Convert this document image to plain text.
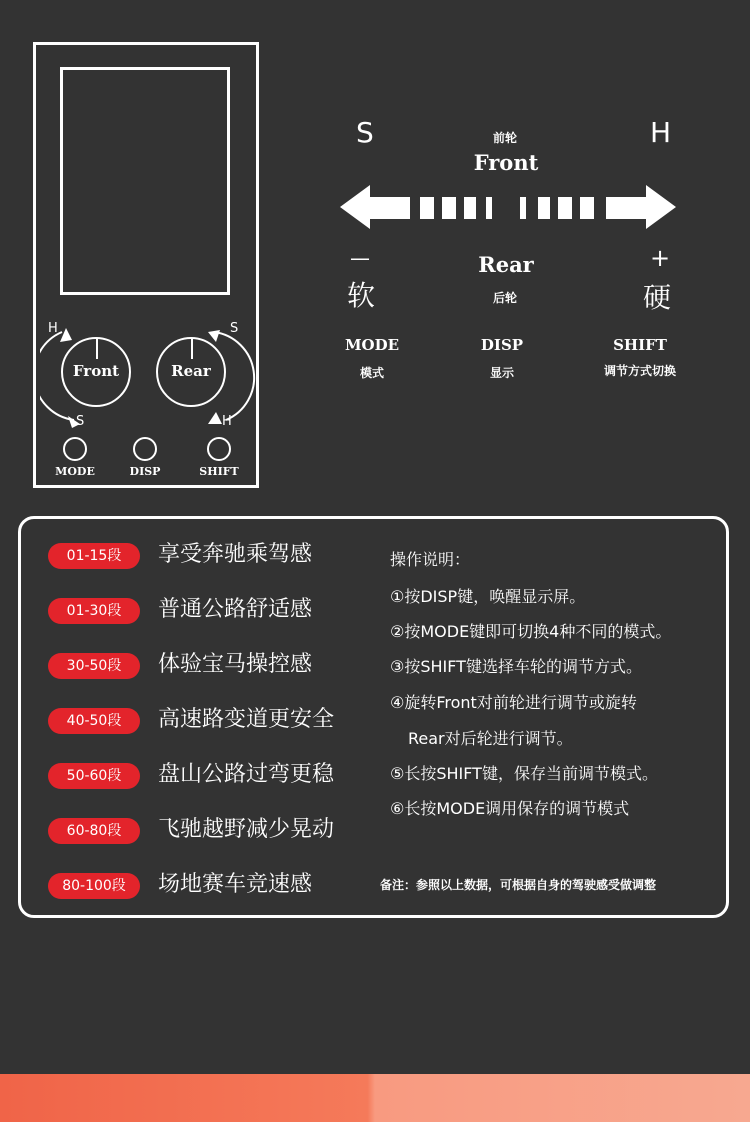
H
S
Front
S
H
Rear
MODE	DISP	SHIFT
S	H
前轮
Front
—	+
Rear
软	硬
后轮
MODE
模式
DISP
显示
SHIFT
调节方式切换
01-15段	享受奔驰乘驾感
01-30段	普通公路舒适感
30-50段	体验宝马操控感
40-50段	高速路变道更安全
50-60段	盘山公路过弯更稳
60-80段	飞驰越野减少晃动
80-100段	场地赛车竞速感
操作说明：
①按DISP键，唤醒显示屏。
②按MODE键即可切换4种不同的模式。
③按SHIFT键选择车轮的调节方式。
④旋转Front对前轮进行调节或旋转
Rear对后轮进行调节。
⑤长按SHIFT键，保存当前调节模式。
⑥长按MODE调用保存的调节模式
备注：参照以上数据，可根据自身的驾驶感受做调整
